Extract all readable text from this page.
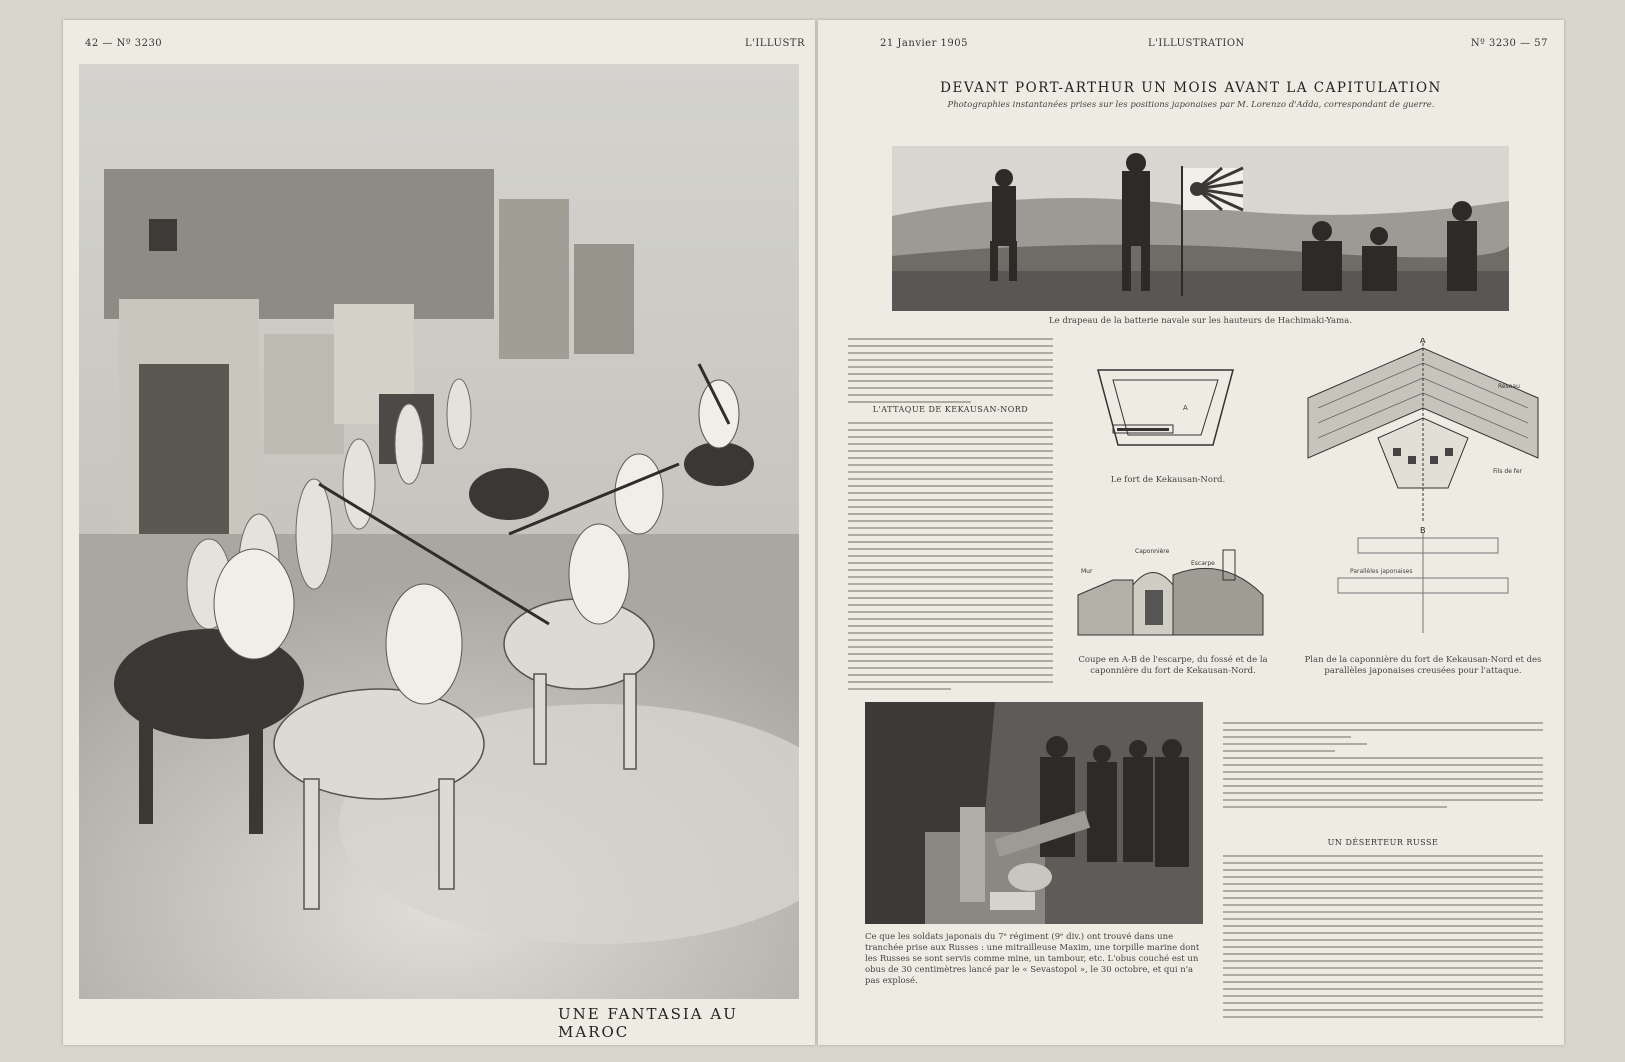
42 — Nº 3230	L'ILLUSTR
UNE FANTASIA AU MAROC
21 Janvier 1905	L'ILLUSTRATION	Nº 3230 — 57
DEVANT PORT-ARTHUR UN MOIS AVANT LA CAPITULATION
Photographies instantanées prises sur les positions japonaises par M. Lorenzo d'Adda, correspondant de guerre.
Le drapeau de la batterie navale sur les hauteurs de Hachimaki-Yama.
L'ATTAQUE DE KEKAUSAN-NORD	A
Le fort de Kekausan-Nord.
Mur
Caponnière
Escarpe
Coupe en A-B de l'escarpe, du fossé et de la caponnière du fort de Kekausan-Nord.
A
B
Réseau
Fils de fer
Parallèles japonaises
Plan de la caponnière du fort de Kekausan-Nord et des parallèles japonaises creusées pour l'attaque.
Ce que les soldats japonais du 7ᵉ régiment (9ᵉ div.) ont trouvé dans une tranchée prise aux Russes : une mitrailleuse Maxim, une torpille marine dont les Russes se sont servis comme mine, un tambour, etc. L'obus couché est un obus de 30 centimètres lancé par le « Sevastopol », le 30 octobre, et qui n'a pas explosé.
UN DÉSERTEUR RUSSE
